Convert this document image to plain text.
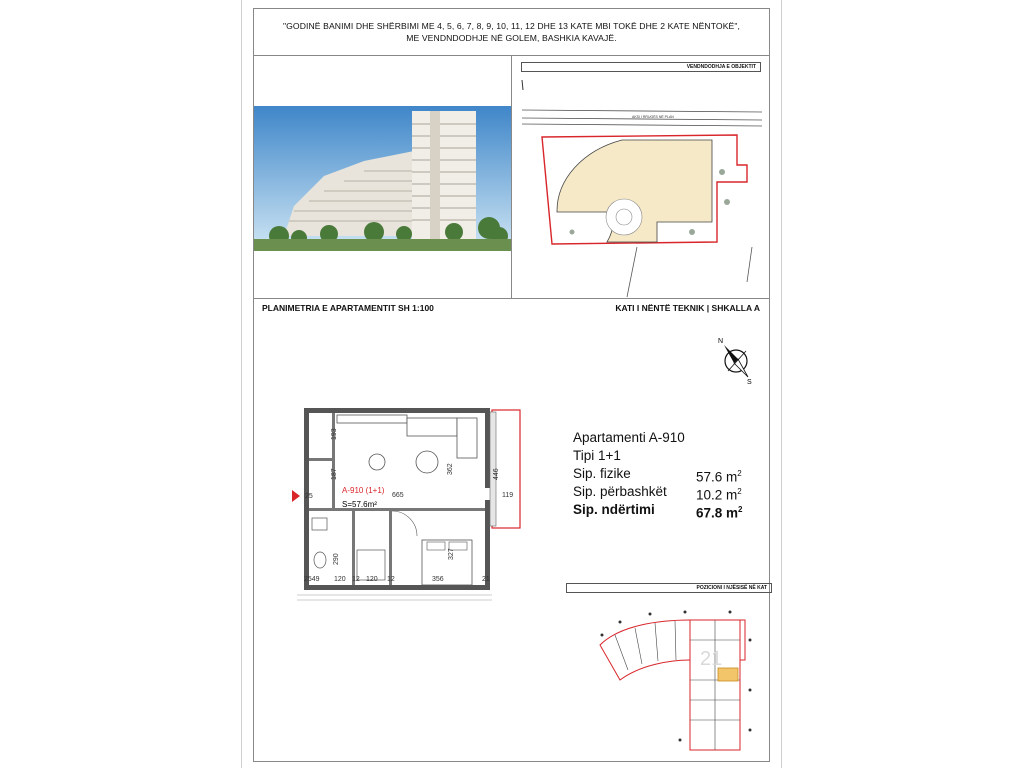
"GODINË BANIMI DHE SHËRBIMI ME 4, 5, 6, 7, 8, 9, 10, 11, 12 DHE 13 KATE MBI TOKË DHE 2 KATE NËNTOKË",
ME VENDNDODHJE NË GOLEM, BASHKIA KAVAJË.
VENDNDODHJA E OBJEKTIT
AKSI I RRUGËS NË PLAN
PLANIMETRIA E APARTAMENTIT SH 1:100	KATI I NËNTË TEKNIK | SHKALLA A
N
S
A-910 (1+1)
S=57.6m²
193
362	446
187
25	665	119
290	327
2549 120 12 120 12	356	21
Apartamenti A-910
Tipi 1+1
Sip. fizike	57.6 $m^2$
Sip. përbashkët 10.2 $m^2$
Sip. ndërtimi	67.8 $m^2$
POZICIONI I NJËSISË NË KAT
21
